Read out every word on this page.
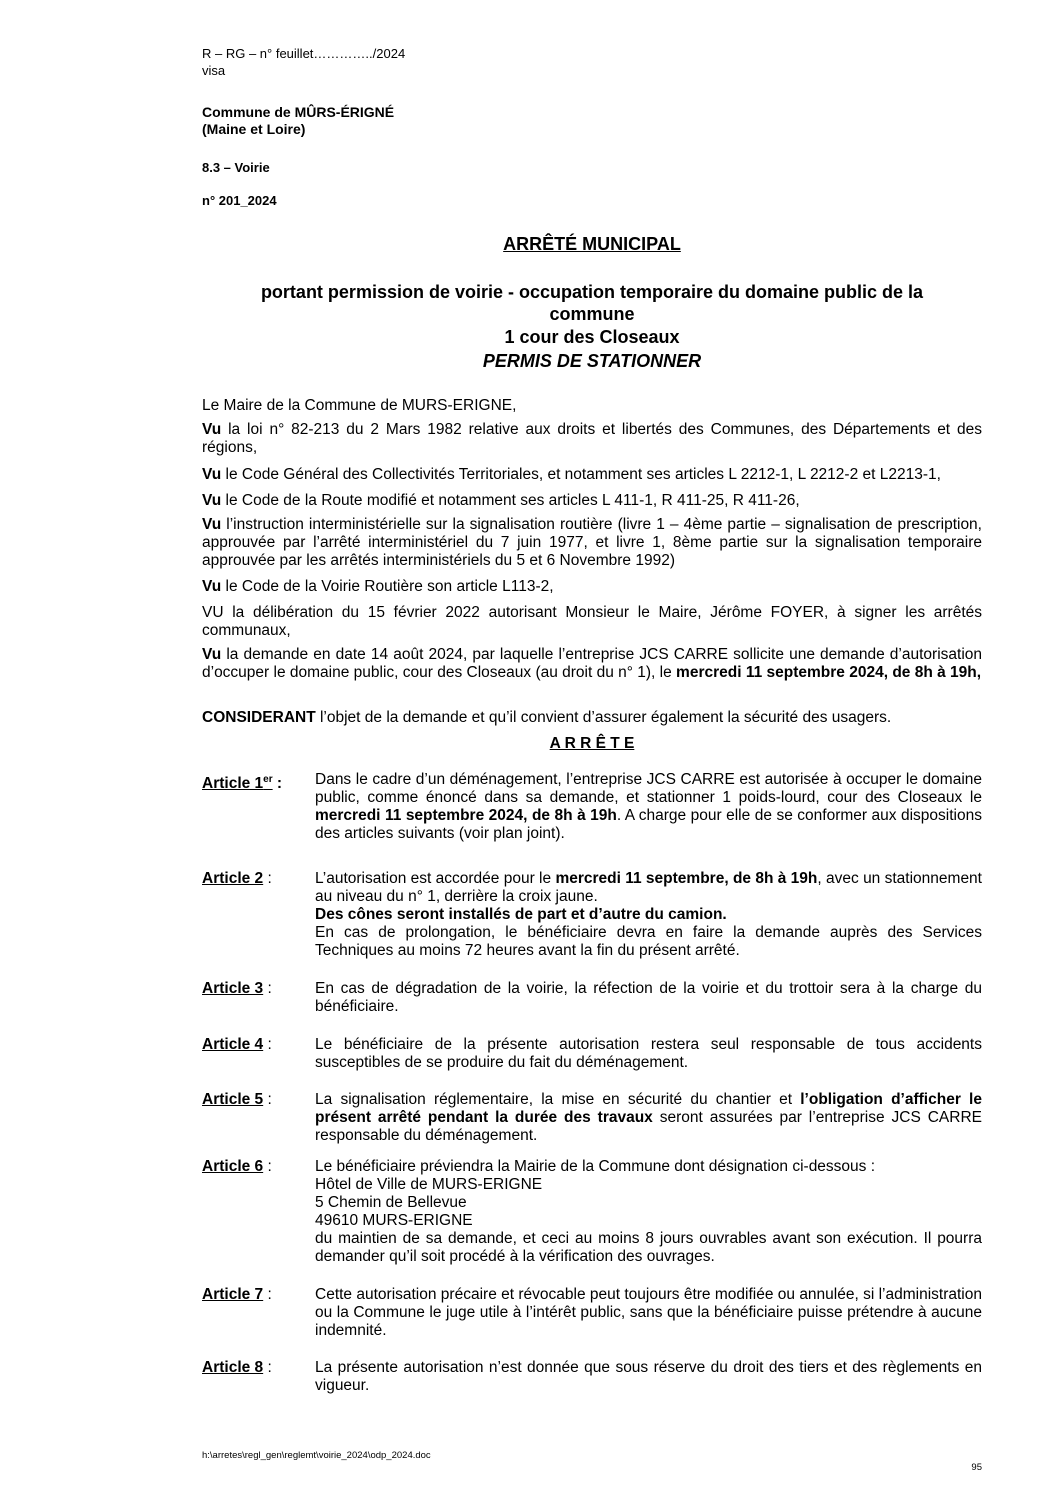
R – RG – n° feuillet…………../2024
visa
Commune de MÛRS-ÉRIGNÉ
(Maine et Loire)
8.3 – Voirie
n° 201_2024
ARRÊTÉ MUNICIPAL
portant permission de voirie - occupation temporaire du domaine public de la
commune
1 cour des Closeaux
PERMIS DE STATIONNER
Le Maire de la Commune de MURS-ERIGNE,
Vu la loi n° 82-213 du 2 Mars 1982 relative aux droits et libertés des Communes, des Départements et des régions,
Vu le Code Général des Collectivités Territoriales, et notamment ses articles L 2212-1, L 2212-2 et L2213-1,
Vu le Code de la Route modifié et notamment ses articles L 411-1, R 411-25, R 411-26,
Vu l’instruction interministérielle sur la signalisation routière (livre 1 – 4ème partie – signalisation de prescription, approuvée par l’arrêté interministériel du 7 juin 1977, et livre 1, 8ème partie sur la signalisation temporaire approuvée par les arrêtés interministériels du 5 et 6 Novembre 1992)
Vu le Code de la Voirie Routière son article L113-2,
VU la délibération du 15 février 2022 autorisant Monsieur le Maire, Jérôme FOYER, à signer les arrêtés communaux,
Vu la demande en date 14 août 2024, par laquelle l’entreprise JCS CARRE sollicite une demande d’autorisation d’occuper le domaine public, cour des Closeaux (au droit du n° 1), le mercredi 11 septembre 2024, de 8h à 19h,
CONSIDERANT l’objet de la demande et qu’il convient d’assurer également la sécurité des usagers.
A R R Ê T E
Article 1er :	Dans le cadre d’un déménagement, l’entreprise JCS CARRE est autorisée à occuper le domaine public, comme énoncé dans sa demande, et stationner 1 poids-lourd, cour des Closeaux le mercredi 11 septembre 2024, de 8h à 19h. A charge pour elle de se conformer aux dispositions des articles suivants (voir plan joint).
Article 2 :	L’autorisation est accordée pour le mercredi 11 septembre, de 8h à 19h, avec un stationnement au niveau du n° 1, derrière la croix jaune.
Des cônes seront installés de part et d’autre du camion.
En cas de prolongation, le bénéficiaire devra en faire la demande auprès des Services Techniques au moins 72 heures avant la fin du présent arrêté.
Article 3 :	En cas de dégradation de la voirie, la réfection de la voirie et du trottoir sera à la charge du bénéficiaire.
Article 4 :	Le bénéficiaire de la présente autorisation restera seul responsable de tous accidents susceptibles de se produire du fait du déménagement.
Article 5 :	La signalisation réglementaire, la mise en sécurité du chantier et l’obligation d’afficher le présent arrêté pendant la durée des travaux seront assurées par l’entreprise JCS CARRE responsable du déménagement.
Article 6 :	Le bénéficiaire préviendra la Mairie de la Commune dont désignation ci-dessous :
Hôtel de Ville de MURS-ERIGNE
5 Chemin de Bellevue
49610 MURS-ERIGNE
du maintien de sa demande, et ceci au moins 8 jours ouvrables avant son exécution. Il pourra demander qu’il soit procédé à la vérification des ouvrages.
Article 7 :	Cette autorisation précaire et révocable peut toujours être modifiée ou annulée, si l’administration ou la Commune le juge utile à l’intérêt public, sans que la bénéficiaire puisse prétendre à aucune indemnité.
Article 8 :	La présente autorisation n’est donnée que sous réserve du droit des tiers et des règlements en vigueur.
h:\arretes\regl_gen\reglemt\voirie_2024\odp_2024.doc
95
